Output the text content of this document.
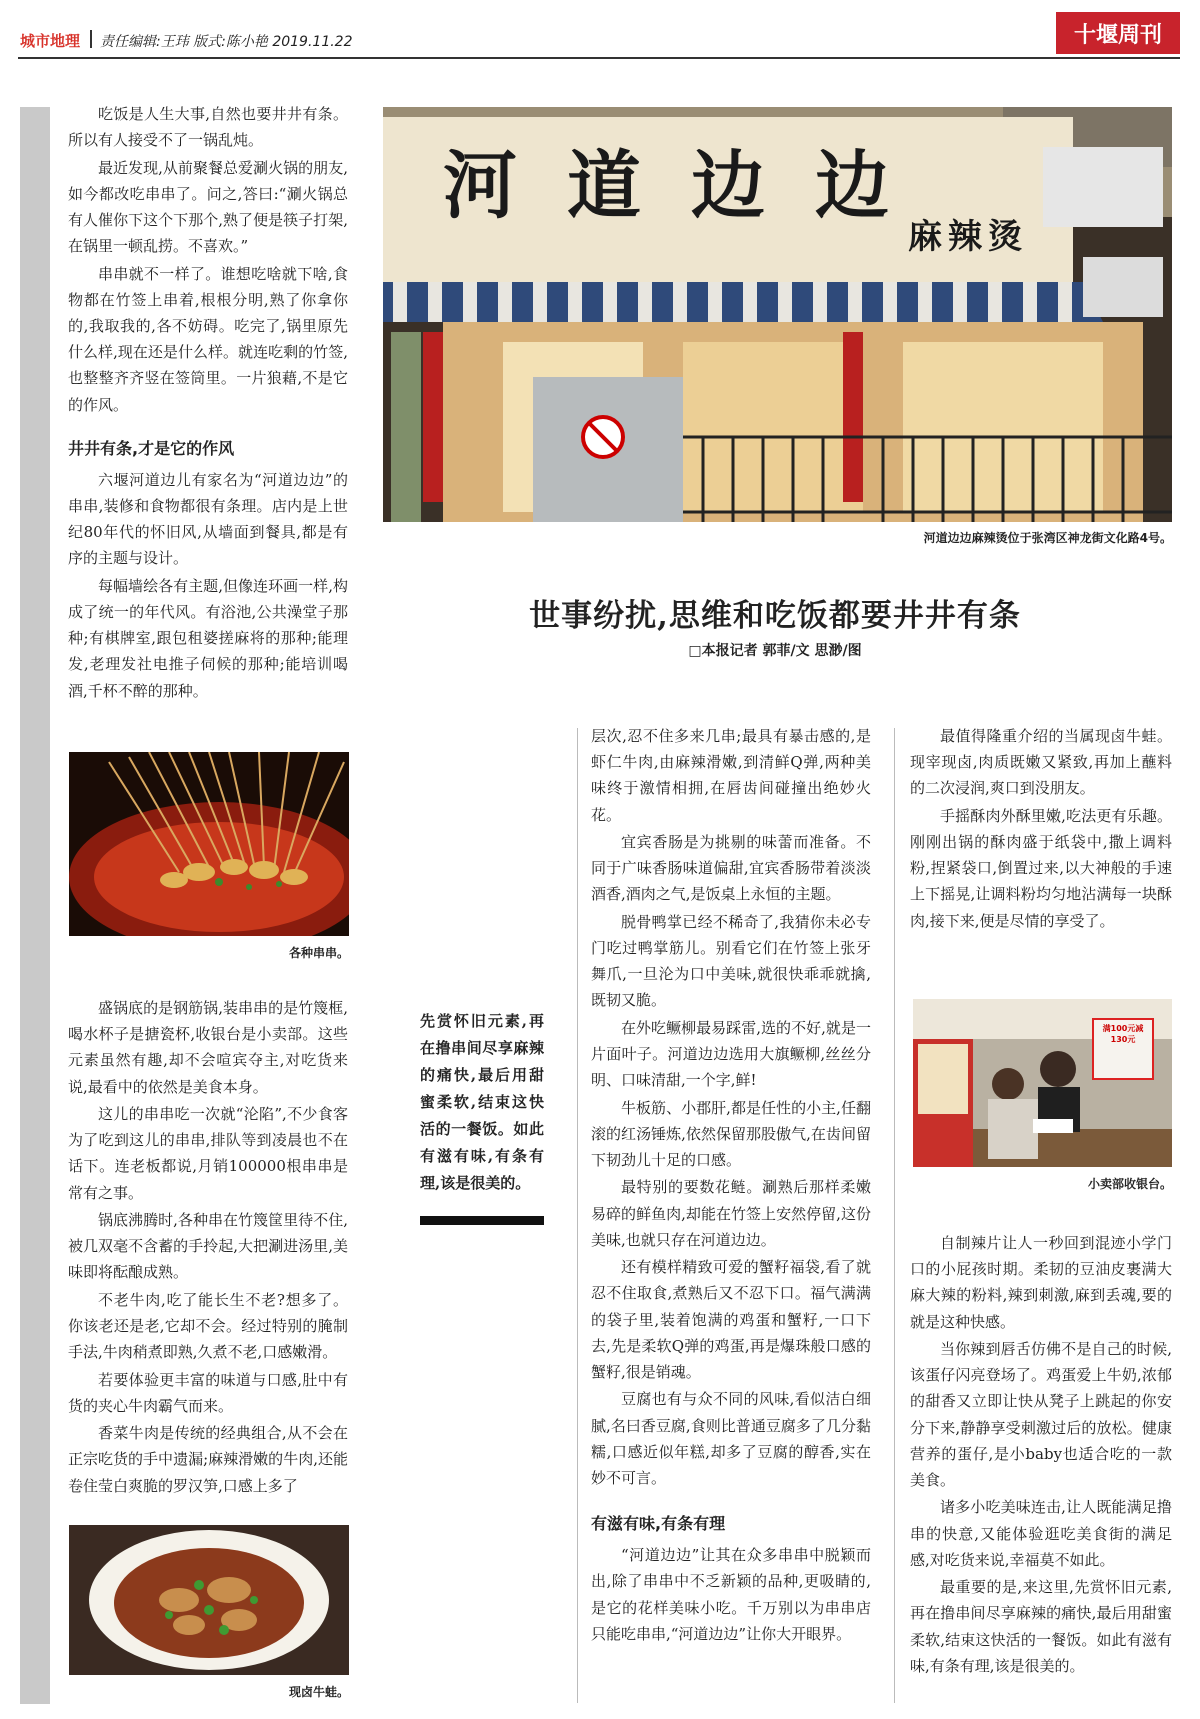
城市地理 责任编辑:王玮 版式:陈小艳 2019.11.22	十堰周刊
河道边边
麻辣烫
河道边边麻辣烫位于张湾区神龙街文化路4号。
世事纷扰,思维和吃饭都要井井有条
□本报记者 郭菲/文 思渺/图

吃饭是人生大事,自然也要井井有条。所以有人接受不了一锅乱炖。

最近发现,从前聚餐总爱涮火锅的朋友,如今都改吃串串了。问之,答曰:“涮火锅总有人催你下这个下那个,熟了便是筷子打架,在锅里一顿乱捞。不喜欢。”

串串就不一样了。谁想吃啥就下啥,食物都在竹签上串着,根根分明,熟了你拿你的,我取我的,各不妨碍。吃完了,锅里原先什么样,现在还是什么样。就连吃剩的竹签,也整整齐齐竖在签筒里。一片狼藉,不是它的作风。

井井有条,才是它的作风

六堰河道边儿有家名为“河道边边”的串串,装修和食物都很有条理。店内是上世纪80年代的怀旧风,从墙面到餐具,都是有序的主题与设计。

每幅墙绘各有主题,但像连环画一样,构成了统一的年代风。有浴池,公共澡堂子那种;有棋牌室,跟包租婆搓麻将的那种;能理发,老理发社电推子伺候的那种;能培训喝酒,千杯不醉的那种。

各种串串。

盛锅底的是钢筋锅,装串串的是竹篾框,喝水杯子是搪瓷杯,收银台是小卖部。这些元素虽然有趣,却不会喧宾夺主,对吃货来说,最看中的依然是美食本身。

这儿的串串吃一次就“沦陷”,不少食客为了吃到这儿的串串,排队等到凌晨也不在话下。连老板都说,月销100000根串串是常有之事。

锅底沸腾时,各种串在竹篾筐里待不住,被几双毫不含蓄的手拎起,大把涮进汤里,美味即将酝酿成熟。

不老牛肉,吃了能长生不老?想多了。你该老还是老,它却不会。经过特别的腌制手法,牛肉稍煮即熟,久煮不老,口感嫩滑。

若要体验更丰富的味道与口感,肚中有货的夹心牛肉霸气而来。

香菜牛肉是传统的经典组合,从不会在正宗吃货的手中遗漏;麻辣滑嫩的牛肉,还能卷住莹白爽脆的罗汉笋,口感上多了

现卤牛蛙。
先赏怀旧元素,再在撸串间尽享麻辣的痛快,最后用甜蜜柔软,结束这快活的一餐饭。如此有滋有味,有条有理,该是很美的。

层次,忍不住多来几串;最具有暴击感的,是虾仁牛肉,由麻辣滑嫩,到清鲜Q弹,两种美味终于激情相拥,在唇齿间碰撞出绝妙火花。

宜宾香肠是为挑剔的味蕾而准备。不同于广味香肠味道偏甜,宜宾香肠带着淡淡酒香,酒肉之气,是饭桌上永恒的主题。

脱骨鸭掌已经不稀奇了,我猜你未必专门吃过鸭掌筋儿。别看它们在竹签上张牙舞爪,一旦沦为口中美味,就很快乖乖就擒,既韧又脆。

在外吃鳜柳最易踩雷,选的不好,就是一片面叶子。河道边边选用大旗鳜柳,丝丝分明、口味清甜,一个字,鲜!

牛板筋、小郡肝,都是任性的小主,任翻滚的红汤锤炼,依然保留那股傲气,在齿间留下韧劲儿十足的口感。

最特别的要数花鲢。涮熟后那样柔嫩易碎的鲜鱼肉,却能在竹签上安然停留,这份美味,也就只存在河道边边。

还有模样精致可爱的蟹籽福袋,看了就忍不住取食,煮熟后又不忍下口。福气满满的袋子里,装着饱满的鸡蛋和蟹籽,一口下去,先是柔软Q弹的鸡蛋,再是爆珠般口感的蟹籽,很是销魂。

豆腐也有与众不同的风味,看似洁白细腻,名曰香豆腐,食则比普通豆腐多了几分黏糯,口感近似年糕,却多了豆腐的醇香,实在妙不可言。

有滋有味,有条有理

“河道边边”让其在众多串串中脱颖而出,除了串串中不乏新颖的品种,更吸睛的,是它的花样美味小吃。千万别以为串串店只能吃串串,“河道边边”让你大开眼界。

最值得隆重介绍的当属现卤牛蛙。现宰现卤,肉质既嫩又紧致,再加上蘸料的二次浸润,爽口到没朋友。

手摇酥肉外酥里嫩,吃法更有乐趣。刚刚出锅的酥肉盛于纸袋中,撒上调料粉,捏紧袋口,倒置过来,以大神般的手速上下摇晃,让调料粉均匀地沾满每一块酥肉,接下来,便是尽情的享受了。

满100元减130元
小卖部收银台。

自制辣片让人一秒回到混迹小学门口的小屁孩时期。柔韧的豆油皮裹满大麻大辣的粉料,辣到刺激,麻到丢魂,要的就是这种快感。

当你辣到唇舌仿佛不是自己的时候,该蛋仔闪亮登场了。鸡蛋爱上牛奶,浓郁的甜香又立即让快从凳子上跳起的你安分下来,静静享受刺激过后的放松。健康营养的蛋仔,是小baby也适合吃的一款美食。

诸多小吃美味连击,让人既能满足撸串的快意,又能体验逛吃美食街的满足感,对吃货来说,幸福莫不如此。

最重要的是,来这里,先赏怀旧元素,再在撸串间尽享麻辣的痛快,最后用甜蜜柔软,结束这快活的一餐饭。如此有滋有味,有条有理,该是很美的。
